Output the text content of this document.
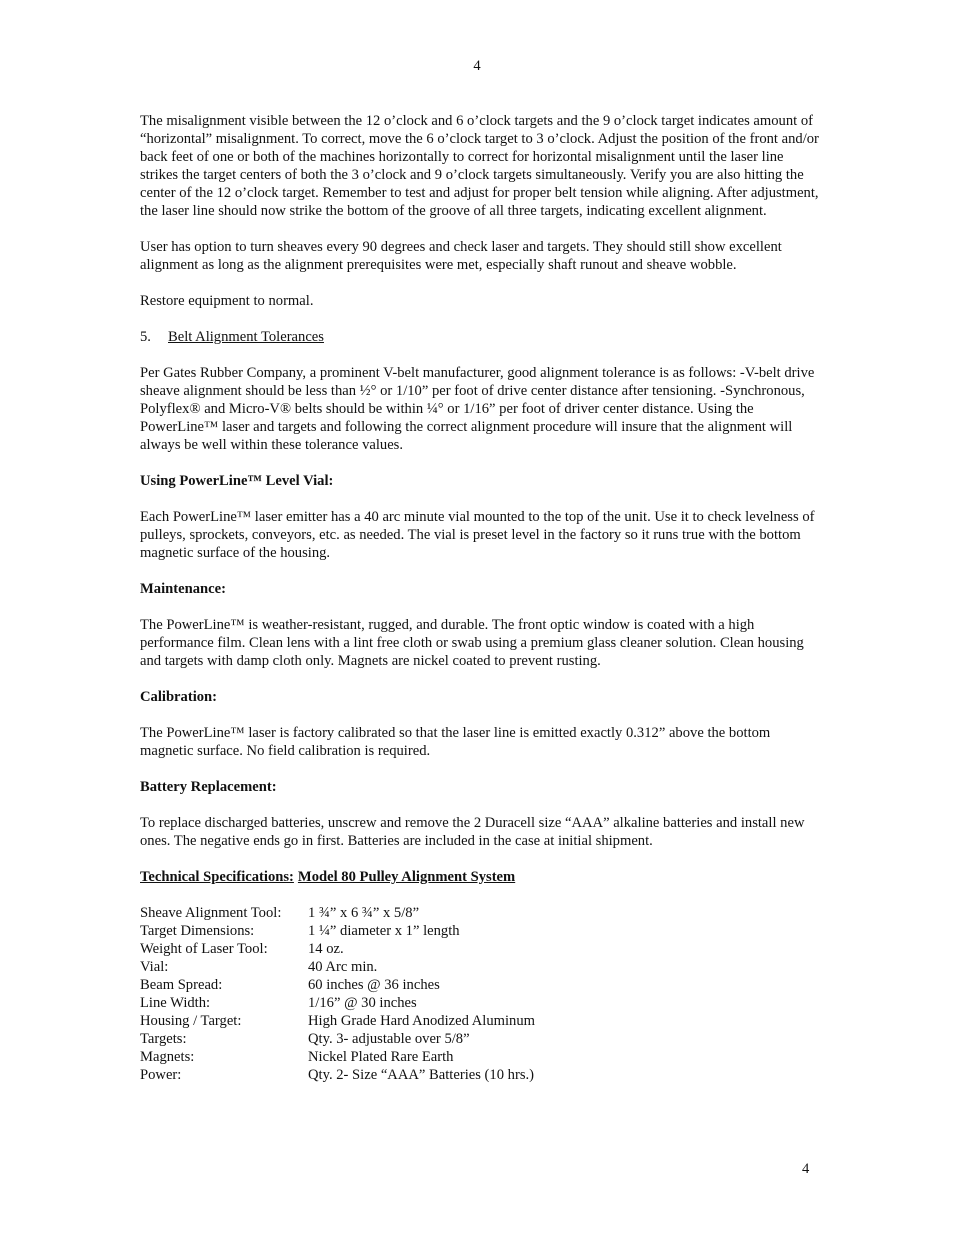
4

The misalignment visible between the 12 o’clock and 6 o’clock targets and the 9 o’clock target indicates amount of “horizontal” misalignment. To correct, move the 6 o’clock target to 3 o’clock. Adjust the position of the front and/or back feet of one or both of the machines horizontally to correct for horizontal misalignment until the laser line strikes the target centers of both the 3 o’clock and 9 o’clock targets simultaneously. Verify you are also hitting the center of the 12 o’clock target. Remember to test and adjust for proper belt tension while aligning. After adjustment, the laser line should now strike the bottom of the groove of all three targets, indicating excellent alignment.

User has option to turn sheaves every 90 degrees and check laser and targets. They should still show excellent alignment as long as the alignment prerequisites were met, especially shaft runout and sheave wobble.

Restore equipment to normal.

5. Belt Alignment Tolerances

Per Gates Rubber Company, a prominent V-belt manufacturer, good alignment tolerance is as follows: -V-belt drive sheave alignment should be less than ½° or 1/10” per foot of drive center distance after tensioning. -Synchronous, Polyflex® and Micro-V® belts should be within ¼° or 1/16” per foot of driver center distance. Using the PowerLine™ laser and targets and following the correct alignment procedure will insure that the alignment will always be well within these tolerance values.

Using PowerLine™ Level Vial:

Each PowerLine™ laser emitter has a 40 arc minute vial mounted to the top of the unit. Use it to check levelness of pulleys, sprockets, conveyors, etc. as needed. The vial is preset level in the factory so it runs true with the bottom magnetic surface of the housing.

Maintenance:

The PowerLine™ is weather-resistant, rugged, and durable. The front optic window is coated with a high performance film. Clean lens with a lint free cloth or swab using a premium glass cleaner solution. Clean housing and targets with damp cloth only. Magnets are nickel coated to prevent rusting.

Calibration:

The PowerLine™ laser is factory calibrated so that the laser line is emitted exactly 0.312” above the bottom magnetic surface. No field calibration is required.

Battery Replacement:

To replace discharged batteries, unscrew and remove the 2 Duracell size “AAA” alkaline batteries and install new ones. The negative ends go in first. Batteries are included in the case at initial shipment.

Technical Specifications: Model 80 Pulley Alignment System
Sheave Alignment Tool:	1 ¾” x 6 ¾” x 5/8”
Target Dimensions:	1 ¼” diameter x 1” length
Weight of Laser Tool:	14 oz.
Vial:	40 Arc min.
Beam Spread:	60 inches @ 36 inches
Line Width:	1/16” @ 30 inches
Housing / Target:	High Grade Hard Anodized Aluminum
Targets:	Qty. 3- adjustable over 5/8”
Magnets:	Nickel Plated Rare Earth
Power:	Qty. 2- Size “AAA” Batteries (10 hrs.)
4
